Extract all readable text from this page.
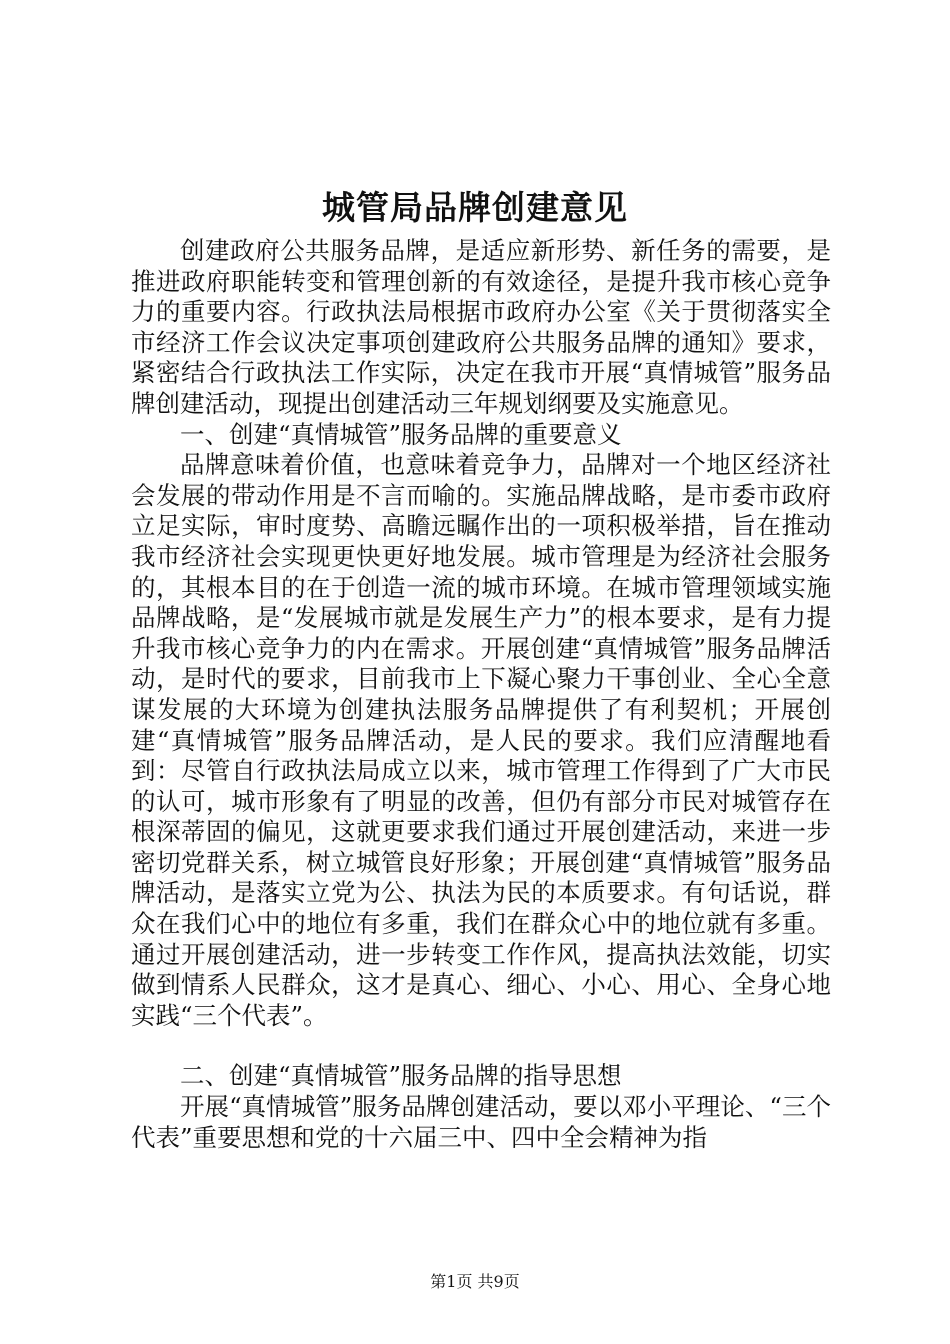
城管局品牌创建意见

创建政府公共服务品牌，是适应新形势、新任务的需要，是推进政府职能转变和管理创新的有效途径，是提升我市核心竞争力的重要内容。行政执法局根据市政府办公室《关于贯彻落实全市经济工作会议决定事项创建政府公共服务品牌的通知》要求，紧密结合行政执法工作实际，决定在我市开展“真情城管”服务品牌创建活动，现提出创建活动三年规划纲要及实施意见。

一、创建“真情城管”服务品牌的重要意义

品牌意味着价值，也意味着竞争力，品牌对一个地区经济社会发展的带动作用是不言而喻的。实施品牌战略，是市委市政府立足实际，审时度势、高瞻远瞩作出的一项积极举措，旨在推动我市经济社会实现更快更好地发展。城市管理是为经济社会服务的，其根本目的在于创造一流的城市环境。在城市管理领域实施品牌战略，是“发展城市就是发展生产力”的根本要求，是有力提升我市核心竞争力的内在需求。开展创建“真情城管”服务品牌活动，是时代的要求，目前我市上下凝心聚力干事创业、全心全意谋发展的大环境为创建执法服务品牌提供了有利契机；开展创建“真情城管”服务品牌活动，是人民的要求。我们应清醒地看到：尽管自行政执法局成立以来，城市管理工作得到了广大市民的认可，城市形象有了明显的改善，但仍有部分市民对城管存在根深蒂固的偏见，这就更要求我们通过开展创建活动，来进一步密切党群关系，树立城管良好形象；开展创建“真情城管”服务品牌活动，是落实立党为公、执法为民的本质要求。有句话说，群众在我们心中的地位有多重，我们在群众心中的地位就有多重。通过开展创建活动，进一步转变工作作风，提高执法效能，切实做到情系人民群众，这才是真心、细心、小心、用心、全身心地实践“三个代表”。

二、创建“真情城管”服务品牌的指导思想

开展“真情城管”服务品牌创建活动，要以邓小平理论、“三个代表”重要思想和党的十六届三中、四中全会精神为指

第1页 共9页
